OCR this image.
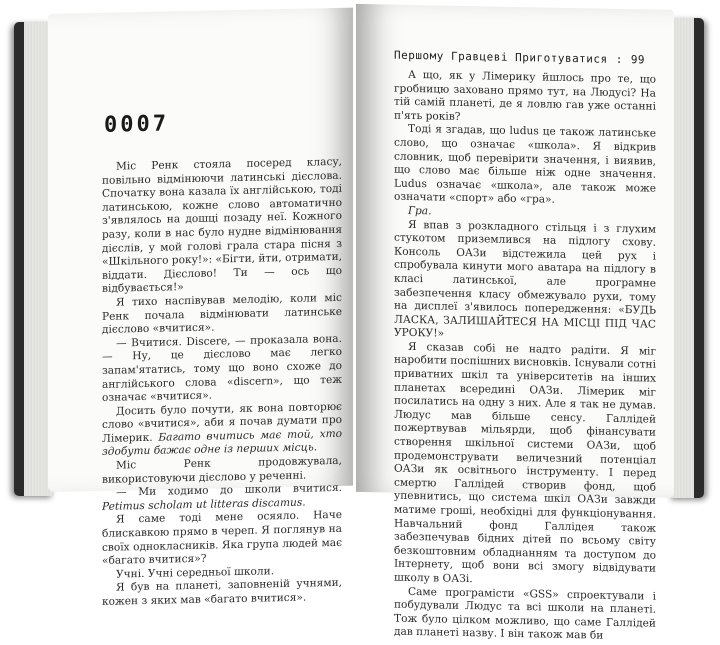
0007

Міс Ренк стояла посеред класу, повільно відмінюючи латинські дієслова. Спочатку вона казала їх англійською, тоді латинською, кожне слово автоматично з'являлось на дошці позаду неї. Кожного разу, коли в нас було нудне відмінювання дієслів, у мой голові грала стара пісня з «Шкільного року!»: «Бігти, йти, отримати, віддати. Дієслово! Ти — ось що відбувається!»

Я тихо наспівував мелодію, коли міс Ренк почала відмінювати латинське дієслово «вчитися».

— Вчитися. Discere, — проказала вона. — Ну, це дієслово має легко запам'ятатись, тому що воно схоже до англійського слова «discern», що теж означає «вчитися».

Досить було почути, як вона повторює слово «вчитися», аби я почав думати про Лімерик. Багато вчитись має той, хто здобути бажає одне із перших місць.

Міс Ренк продовжувала, використовуючи дієслово у реченні.

— Ми ходимо до школи вчитися. Petimus scholam ut litteras discamus.

Я саме тоді мене осяяло. Наче блискавкою прямо в череп. Я поглянув на своїх однокласників. Яка група людей має «багато вчитися»?

Учні. Учні середньої школи.

Я був на планеті, заповненій учнями, кожен з яких мав «багато вчитися».

Першому Гравцеві Приготуватися : 99

А що, як у Лімерику йшлось про те, що гробницю заховано прямо тут, на Людусі? На тій самій планеті, де я ловлю гав уже останні п'ять років?

Тоді я згадав, що ludus це також латинське слово, що означає «школа». Я відкрив словник, щоб перевірити значення, і виявив, що слово має більше ніж одне значення. Ludus означає «школа», але також може означати «спорт» або «гра».

Гра.

Я впав з розкладного стільця і з глухим стукотом приземлився на підлогу схову. Консоль ОАЗи відстежила цей рух і спробувала кинути мого аватара на підлогу в класі латинської, але програмне забезпечення класу обмежувало рухи, тому на дисплеї з'явилось попередження: «БУДЬ ЛАСКА, ЗАЛИШАЙТЕСЯ НА МІСЦІ ПІД ЧАС УРОКУ!»

Я сказав собі не надто радіти. Я міг наробити поспішних висновків. Існували сотні приватних шкіл та університетів на інших планетах всередині ОАЗи. Лімерик міг посилатись на одну з них. Але я так не думав. Людус мав більше сенсу. Галлідей пожертвував мільярди, щоб фінансувати створення шкільної системи ОАЗи, щоб продемонструвати величезний потенціал ОАЗи як освітнього інструменту. І перед смертю Галлідей створив фонд, щоб упевнитись, що система шкіл ОАЗи завжди матиме гроші, необхідні для функціонування. Навчальний фонд Галлідея також забезпечував бідних дітей по всьому світу безкоштовним обладнанням та доступом до Інтернету, щоб вони всі змогу відвідувати школу в ОАЗі.

Саме програмісти «GSS» спроектували і побудували Людус та всі школи на планеті. Тож було цілком можливо, що саме Галлідей дав планеті назву. І він також мав би
